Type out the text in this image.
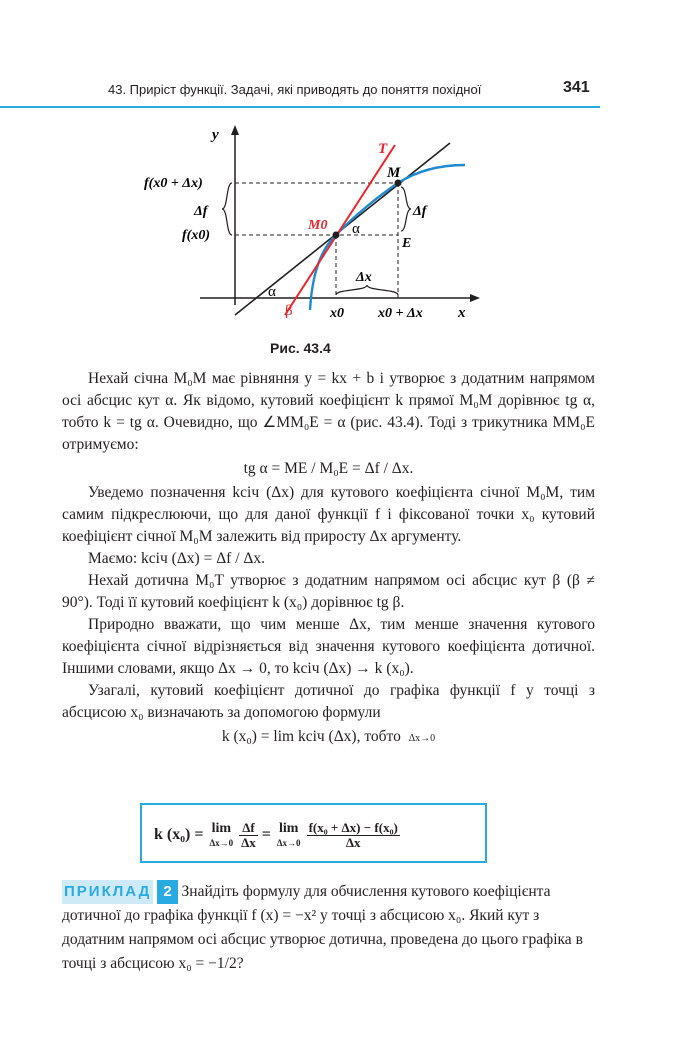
43. Приріст функції. Задачі, які приводять до поняття похідної	341
y
x
T
M
M0
E
f(x0 + Δx)
Δf	Δf
f(x0)	α
α
β	x0 x0 + Δx
Δx
Рис. 43.4

Нехай січна M₀M має рівняння y = kx + b і утворює з додатним напрямом осі абсцис кут α. Як відомо, кутовий коефіцієнт k прямої M₀M дорівнює tg α, тобто k = tg α. Очевидно, що ∠MM₀E = α (рис. 43.4). Тоді з трикутника MM₀E отримуємо:

tg α = ME / M₀E = Δf / Δx.

Уведемо позначення kсіч (Δx) для кутового коефіцієнта січної M₀M, тим самим підкреслюючи, що для даної функції f і фіксованої точки x₀ кутовий коефіцієнт січної M₀M залежить від приросту Δx аргументу.

Маємо: kсіч (Δx) = Δf / Δx.

Нехай дотична M₀T утворює з додатним напрямом осі абсцис кут β (β ≠ 90°). Тоді її кутовий коефіцієнт k (x₀) дорівнює tg β.

Природно вважати, що чим менше Δx, тим менше значення кутового коефіцієнта січної відрізняється від значення кутового коефіцієнта дотичної. Іншими словами, якщо Δx → 0, то kсіч (Δx) → k (x₀).

Узагалі, кутовий коефіцієнт дотичної до графіка функції f у точці з абсцисою x₀ визначають за допомогою формули

k (x₀) = lim kсіч (Δx), тобто Δx→0
k (x₀) = lim
Δx→0
$\frac{\Delta f}{\Delta x} = \lim$
Δx→0
$\frac{\text{f(x₀ + Δx) − f(x₀)}}{\Delta x}$
ПРИКЛАД 2 Знайдіть формулу для обчислення кутового коефіцієнта дотичної до графіка функції f (x) = −x² у точці з абсцисою x₀. Який кут з додатним напрямом осі абсцис утворює дотична, проведена до цього графіка в точці з абсцисою x₀ = −1/2?
